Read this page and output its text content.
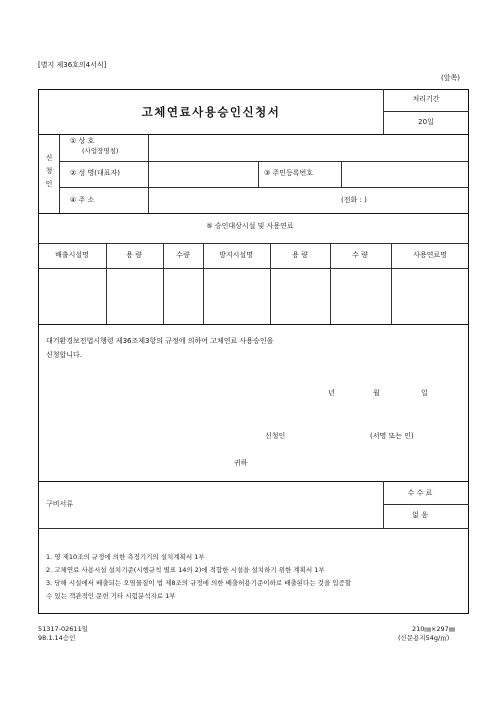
[별지 제36호의4서식]
(앞쪽)
고체연료사용승인신청서
처리기간
20일
신
청
인
① 상 호
(사업장명칭)
② 성 명(대표자)	③ 주민등록번호
④ 주 소	(전화 : )
⑤ 승인대상시설 및 사용연료
배출시설명	용 량	수량	방지시설명	용 량	수 량	사용연료명
대기환경보전법시행령 제36조제3항의 규정에 의하여 고체연료 사용승인을
신청합니다.
년	월	일
신청인	(서명 또는 인)
귀하
구비서류
수 수 료
없 음
1. 영 제10조의 규정에 의한 측정기기의 설치계획서 1부
2. 고체연료 사용시설 설치기준(시행규칙 별표 14의 2)에 적합한 시설을 설치하기 위한 계획서 1부
3. 당해 시설에서 배출되는 오염물질이 법 제8조의 규정에 의한 배출허용기준이하로 배출된다는 것을 입증할
수 있는 객관적인 문헌 기타 시험분석자료 1부
51317-02611일
98.1.14승인
210㎜×297㎜
(신문용지54g/㎡)
